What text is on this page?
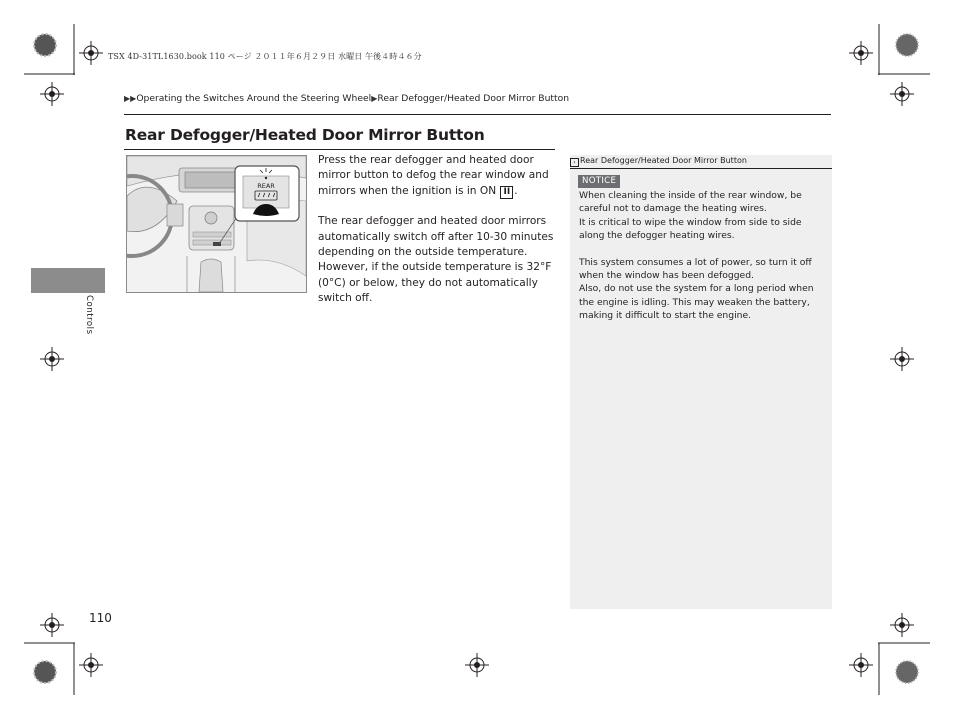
TSX 4D-31TL1630.book 110 ページ ２０１１年６月２９日 水曜日 午後４時４６分
▶▶Operating the Switches Around the Steering Wheel▶Rear Defogger/Heated Door Mirror Button
Rear Defogger/Heated Door Mirror Button
REAR

Press the rear defogger and heated door mirror button to defog the rear window and mirrors when the ignition is in ON II .

The rear defogger and heated door mirrors automatically switch off after 10-30 minutes depending on the outside temperature. However, if the outside temperature is 32°F (0°C) or below, they do not automatically switch off.

Controls
› Rear Defogger/Heated Door Mirror Button
NOTICE

When cleaning the inside of the rear window, be careful not to damage the heating wires.

It is critical to wipe the window from side to side along the defogger heating wires.

This system consumes a lot of power, so turn it off when the window has been defogged.

Also, do not use the system for a long period when the engine is idling. This may weaken the battery, making it difficult to start the engine.

110
